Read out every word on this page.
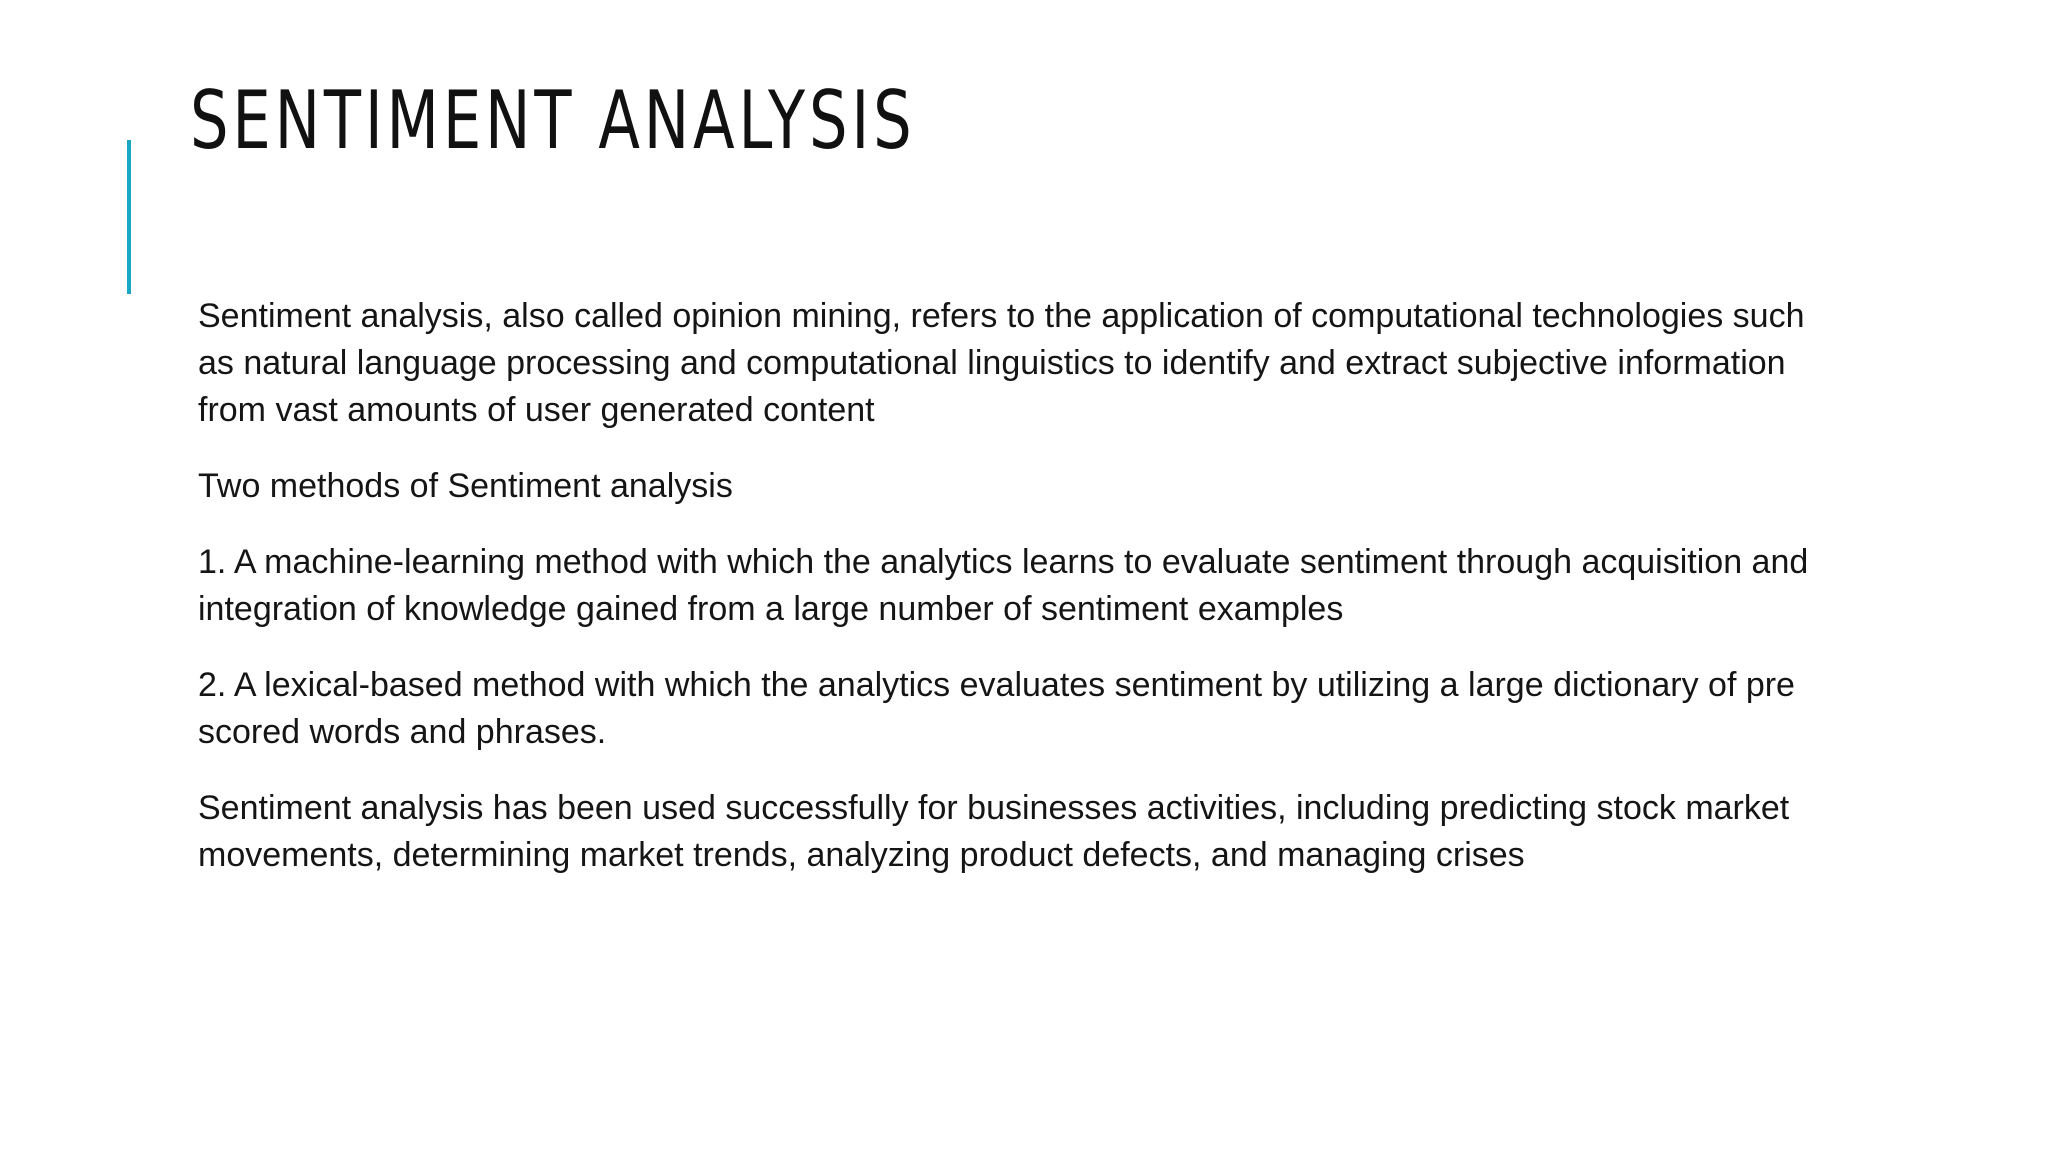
SENTIMENT ANALYSIS

Sentiment analysis, also called opinion mining, refers to the application of computational technologies such as natural language processing and computational linguistics to identify and extract subjective information from vast amounts of user generated content

Two methods of Sentiment analysis

1. A machine-learning method with which the analytics learns to evaluate sentiment through acquisition and integration of knowledge gained from a large number of sentiment examples

2. A lexical-based method with which the analytics evaluates sentiment by utilizing a large dictionary of pre scored words and phrases.

Sentiment analysis has been used successfully for businesses activities, including predicting stock market movements, determining market trends, analyzing product defects, and managing crises
